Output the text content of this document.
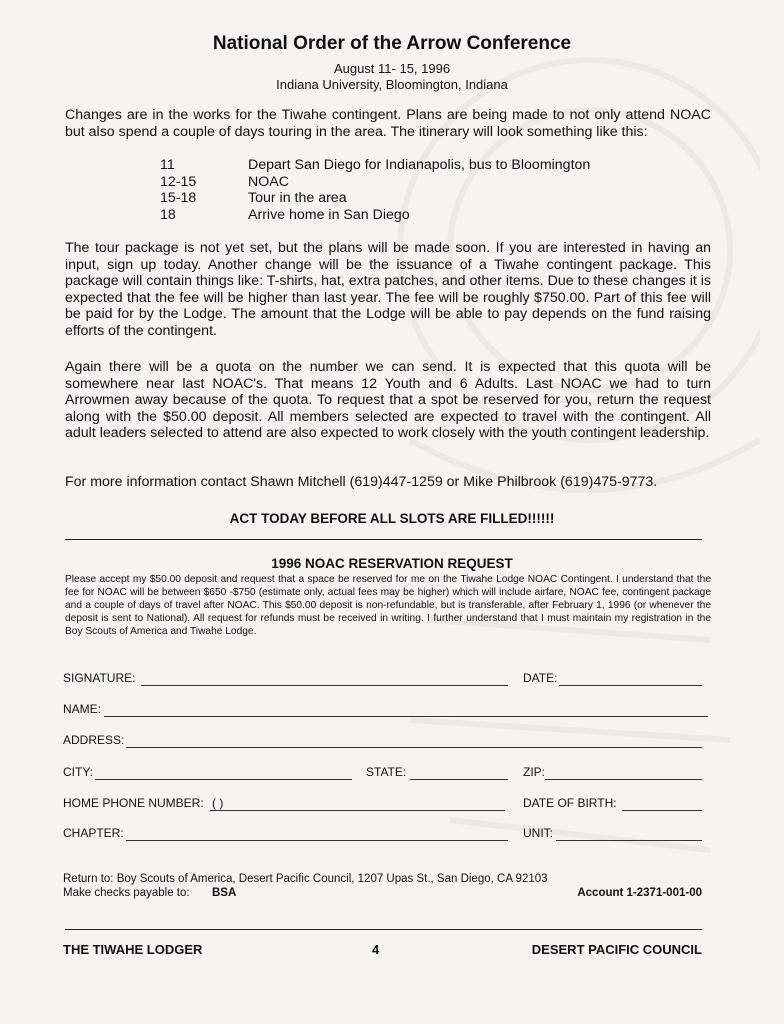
National Order of the Arrow Conference
August 11- 15, 1996
Indiana University, Bloomington, Indiana
Changes are in the works for the Tiwahe contingent. Plans are being made to not only attend NOAC but also spend a couple of days touring in the area. The itinerary will look something like this:
11	Depart San Diego for Indianapolis, bus to Bloomington
12-15	NOAC
15-18	Tour in the area
18	Arrive home in San Diego
The tour package is not yet set, but the plans will be made soon. If you are interested in having an input, sign up today. Another change will be the issuance of a Tiwahe contingent package. This package will contain things like: T-shirts, hat, extra patches, and other items. Due to these changes it is expected that the fee will be higher than last year. The fee will be roughly $750.00. Part of this fee will be paid for by the Lodge. The amount that the Lodge will be able to pay depends on the fund raising efforts of the contingent.
Again there will be a quota on the number we can send. It is expected that this quota will be somewhere near last NOAC's. That means 12 Youth and 6 Adults. Last NOAC we had to turn Arrowmen away because of the quota. To request that a spot be reserved for you, return the request along with the $50.00 deposit. All members selected are expected to travel with the contingent. All adult leaders selected to attend are also expected to work closely with the youth contingent leadership.
For more information contact Shawn Mitchell (619)447-1259 or Mike Philbrook (619)475-9773.
ACT TODAY BEFORE ALL SLOTS ARE FILLED!!!!!!
1996 NOAC RESERVATION REQUEST
Please accept my $50.00 deposit and request that a space be reserved for me on the Tiwahe Lodge NOAC Contingent. I understand that the fee for NOAC will be between $650 -$750 (estimate only, actual fees may be higher) which will include airfare, NOAC fee, contingent package and a couple of days of travel after NOAC. This $50.00 deposit is non-refundable, but is transferable, after February 1, 1996 (or whenever the deposit is sent to National). All request for refunds must be received in writing. I further understand that I must maintain my registration in the Boy Scouts of America and Tiwahe Lodge.
SIGNATURE:	DATE:
NAME:
ADDRESS:
CITY:	STATE:	ZIP:
HOME PHONE NUMBER: ( )	DATE OF BIRTH:
CHAPTER:	UNIT:
Return to: Boy Scouts of America, Desert Pacific Council, 1207 Upas St., San Diego, CA 92103
Make checks payable to: BSA	Account 1-2371-001-00
THE TIWAHE LODGER	4	DESERT PACIFIC COUNCIL
